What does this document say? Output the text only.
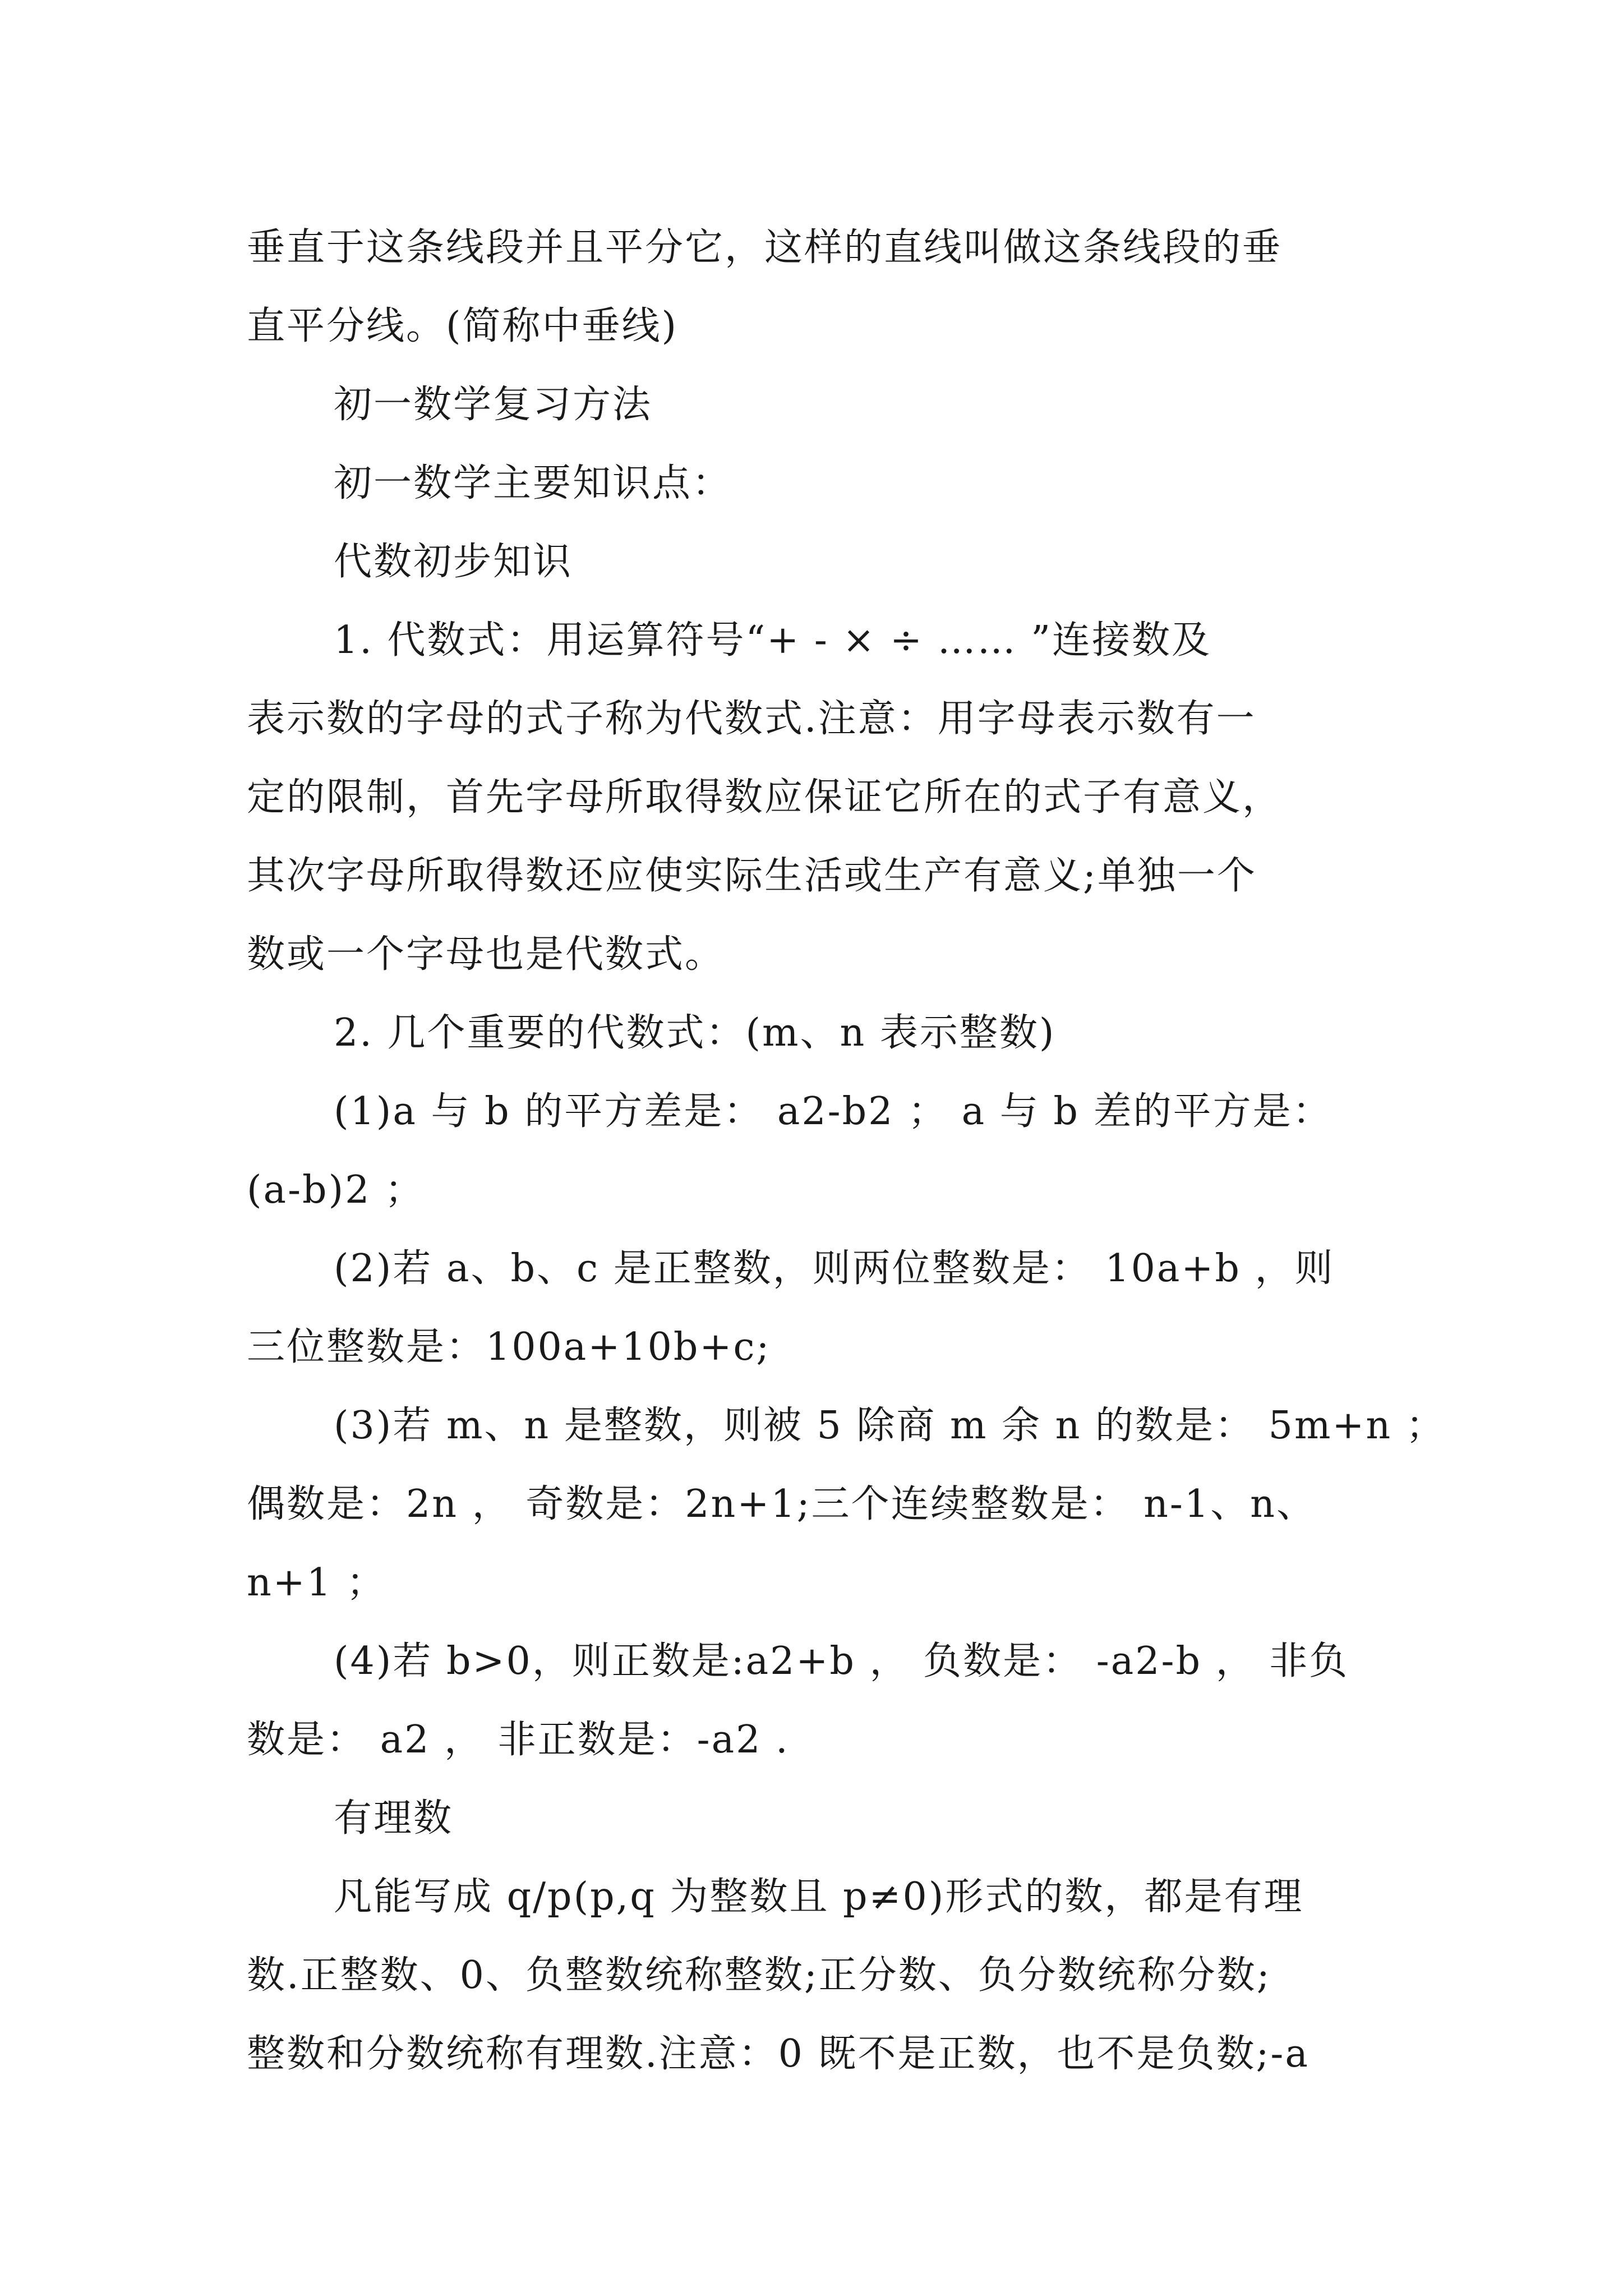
垂直于这条线段并且平分它，这样的直线叫做这条线段的垂
直平分线。(简称中垂线)
初一数学复习方法
初一数学主要知识点：
代数初步知识
1. 代数式：用运算符号“+ - × ÷ …… ”连接数及
表示数的字母的式子称为代数式.注意：用字母表示数有一
定的限制，首先字母所取得数应保证它所在的式子有意义，
其次字母所取得数还应使实际生活或生产有意义;单独一个
数或一个字母也是代数式。
2. 几个重要的代数式：(m、n 表示整数)
(1)a 与 b 的平方差是： a2-b2 ； a 与 b 差的平方是：
(a-b)2 ；
(2)若 a、b、c 是正整数，则两位整数是： 10a+b ，则
三位整数是：100a+10b+c;
(3)若 m、n 是整数，则被 5 除商 m 余 n 的数是： 5m+n ；
偶数是：2n ， 奇数是：2n+1;三个连续整数是： n-1、n、
n+1 ；
(4)若 b>0，则正数是:a2+b ， 负数是： -a2-b ， 非负
数是： a2 ， 非正数是：-a2 .
有理数
凡能写成 q/p(p,q 为整数且 p≠0)形式的数，都是有理
数.正整数、0、负整数统称整数;正分数、负分数统称分数;
整数和分数统称有理数.注意：0 既不是正数，也不是负数;-a
